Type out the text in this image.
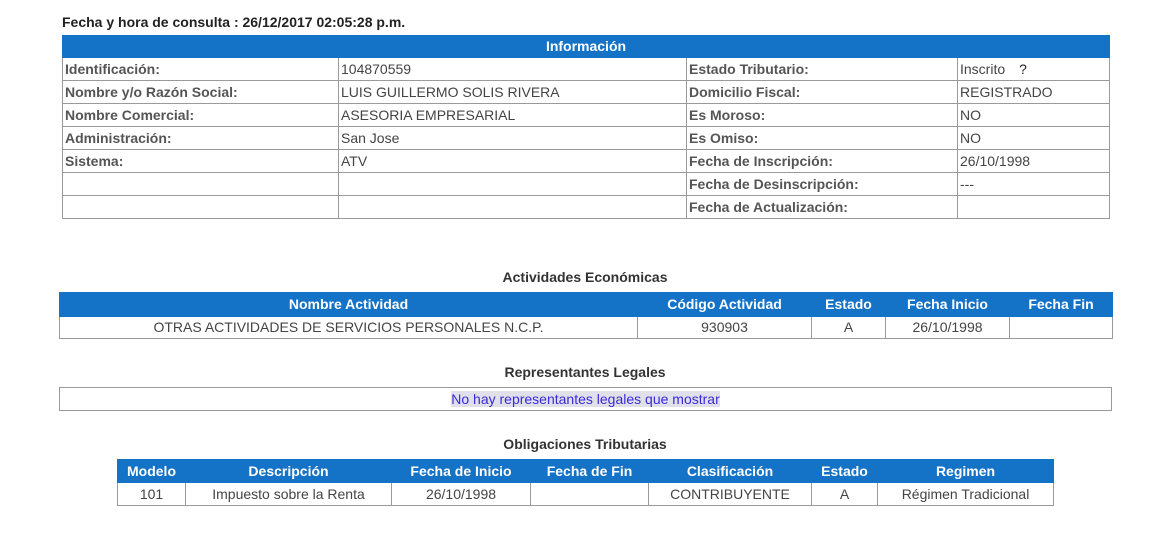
Fecha y hora de consulta : 26/12/2017 02:05:28 p.m.
Información			
Identificación:	104870559	Estado Tributario:	Inscrito ?
Nombre y/o Razón Social:	LUIS GUILLERMO SOLIS RIVERA	Domicilio Fiscal:	REGISTRADO
Nombre Comercial:	ASESORIA EMPRESARIAL	Es Moroso:	NO
Administración:	San Jose	Es Omiso:	NO
Sistema:	ATV	Fecha de Inscripción:	26/10/1998
		Fecha de Desinscripción:	---
		Fecha de Actualización:	
Actividades Económicas
Nombre Actividad	Código Actividad	Estado	Fecha Inicio	Fecha Fin
OTRAS ACTIVIDADES DE SERVICIOS PERSONALES N.C.P.	930903	A	26/10/1998	
Representantes Legales
No hay representantes legales que mostrar
Obligaciones Tributarias
Modelo	Descripción	Fecha de Inicio	Fecha de Fin	Clasificación	Estado	Regimen
101	Impuesto sobre la Renta	26/10/1998		CONTRIBUYENTE	A	Régimen Tradicional
